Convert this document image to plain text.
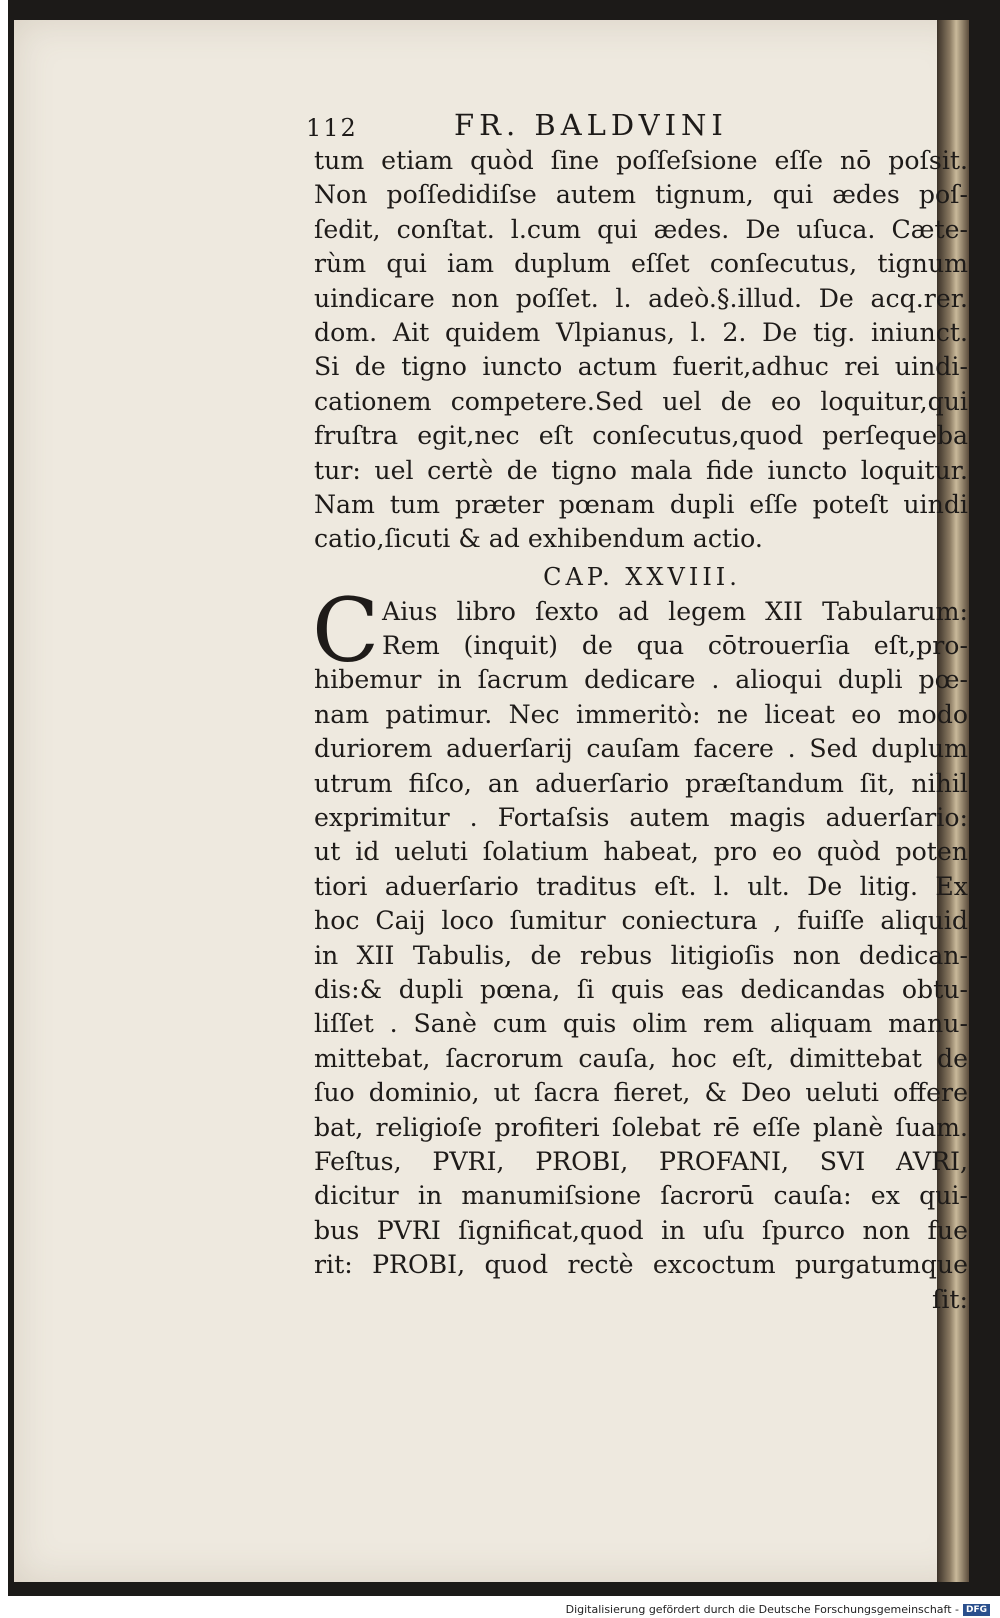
112	FR. BALDVINI
tum etiam quòd ſine poſſeſsione eſſe nō poſsit.
Non poſſedidiſse autem tignum, qui ædes poſ-
ſedit, conſtat. l.cum qui ædes. De uſuca. Cæte-
rùm qui iam duplum eſſet conſecutus, tignum
uindicare non poſſet. l. adeò.§.illud. De acq.rer.
dom. Ait quidem Vlpianus, l. 2. De tig. iniunct.
Si de tigno iuncto actum fuerit,adhuc rei uindi-
cationem competere.Sed uel de eo loquitur,qui
fruſtra egit,nec eſt conſecutus,quod perſequeba
tur: uel certè de tigno mala fide iuncto loquitur.
Nam tum præter pœnam dupli eſſe poteſt uindi
catio,ſicuti & ad exhibendum actio.
CAP. XXVIII.
C Aius libro ſexto ad legem XII Tabularum:
Rem (inquit) de qua cōtrouerſia eſt,pro-
hibemur in ſacrum dedicare . alioqui dupli pœ-
nam patimur. Nec immeritò: ne liceat eo modo
duriorem aduerſarij cauſam facere . Sed duplum
utrum fiſco, an aduerſario præſtandum ſit, nihil
exprimitur . Fortaſsis autem magis aduerſario:
ut id ueluti ſolatium habeat, pro eo quòd poten
tiori aduerſario traditus eſt. l. ult. De litig. Ex
hoc Caij loco ſumitur coniectura , fuiſſe aliquid
in XII Tabulis, de rebus litigioſis non dedican-
dis:& dupli pœna, ſi quis eas dedicandas obtu-
liſſet . Sanè cum quis olim rem aliquam manu-
mittebat, ſacrorum cauſa, hoc eſt, dimittebat de
ſuo dominio, ut ſacra fieret, & Deo ueluti offere
bat, religioſe profiteri ſolebat rē eſſe planè ſuam.
Feſtus, PVRI, PROBI, PROFANI, SVI AVRI,
dicitur in manumiſsione ſacrorū cauſa: ex qui-
bus PVRI ſignificat,quod in uſu ſpurco non fue
rit: PROBI, quod rectè excoctum purgatumque
ſit:
Digitalisierung gefördert durch die Deutsche Forschungsgemeinschaft - DFG
